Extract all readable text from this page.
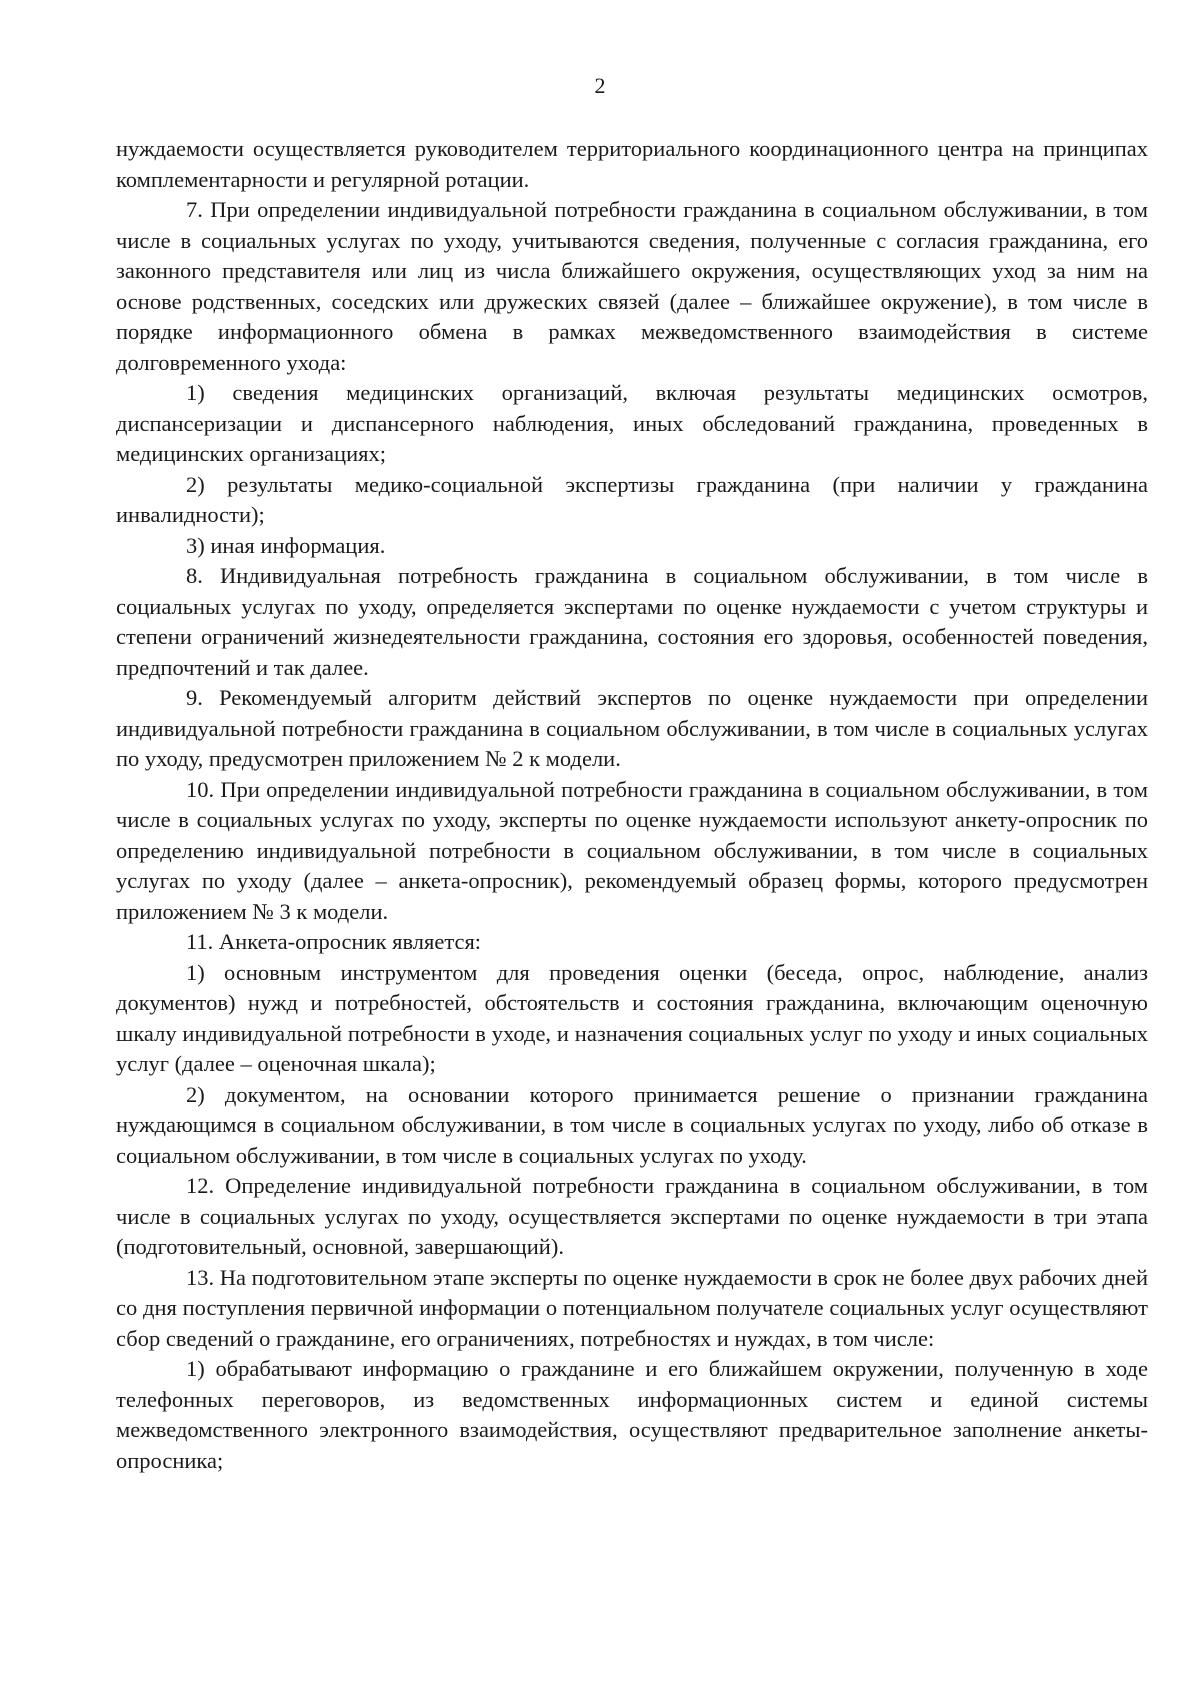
2

нуждаемости осуществляется руководителем территориального координационного центра на принципах комплементарности и регулярной ротации.

7. При определении индивидуальной потребности гражданина в социальном обслуживании, в том числе в социальных услугах по уходу, учитываются сведения, полученные с согласия гражданина, его законного представителя или лиц из числа ближайшего окружения, осуществляющих уход за ним на основе родственных, соседских или дружеских связей (далее – ближайшее окружение), в том числе в порядке информационного обмена в рамках межведомственного взаимодействия в системе долговременного ухода:

1) сведения медицинских организаций, включая результаты медицинских осмотров, диспансеризации и диспансерного наблюдения, иных обследований гражданина, проведенных в медицинских организациях;

2) результаты медико-социальной экспертизы гражданина (при наличии у гражданина инвалидности);

3) иная информация.

8. Индивидуальная потребность гражданина в социальном обслуживании, в том числе в социальных услугах по уходу, определяется экспертами по оценке нуждаемости с учетом структуры и степени ограничений жизнедеятельности гражданина, состояния его здоровья, особенностей поведения, предпочтений и так далее.

9. Рекомендуемый алгоритм действий экспертов по оценке нуждаемости при определении индивидуальной потребности гражданина в социальном обслуживании, в том числе в социальных услугах по уходу, предусмотрен приложением № 2 к модели.

10. При определении индивидуальной потребности гражданина в социальном обслуживании, в том числе в социальных услугах по уходу, эксперты по оценке нуждаемости используют анкету-опросник по определению индивидуальной потребности в социальном обслуживании, в том числе в социальных услугах по уходу (далее – анкета-опросник), рекомендуемый образец формы, которого предусмотрен приложением № 3 к модели.

11. Анкета-опросник является:

1) основным инструментом для проведения оценки (беседа, опрос, наблюдение, анализ документов) нужд и потребностей, обстоятельств и состояния гражданина, включающим оценочную шкалу индивидуальной потребности в уходе, и назначения социальных услуг по уходу и иных социальных услуг (далее – оценочная шкала);

2) документом, на основании которого принимается решение о признании гражданина нуждающимся в социальном обслуживании, в том числе в социальных услугах по уходу, либо об отказе в социальном обслуживании, в том числе в социальных услугах по уходу.

12. Определение индивидуальной потребности гражданина в социальном обслуживании, в том числе в социальных услугах по уходу, осуществляется экспертами по оценке нуждаемости в три этапа (подготовительный, основной, завершающий).

13. На подготовительном этапе эксперты по оценке нуждаемости в срок не более двух рабочих дней со дня поступления первичной информации о потенциальном получателе социальных услуг осуществляют сбор сведений о гражданине, его ограничениях, потребностях и нуждах, в том числе:

1) обрабатывают информацию о гражданине и его ближайшем окружении, полученную в ходе телефонных переговоров, из ведомственных информационных систем и единой системы межведомственного электронного взаимодействия, осуществляют предварительное заполнение анкеты-опросника;
